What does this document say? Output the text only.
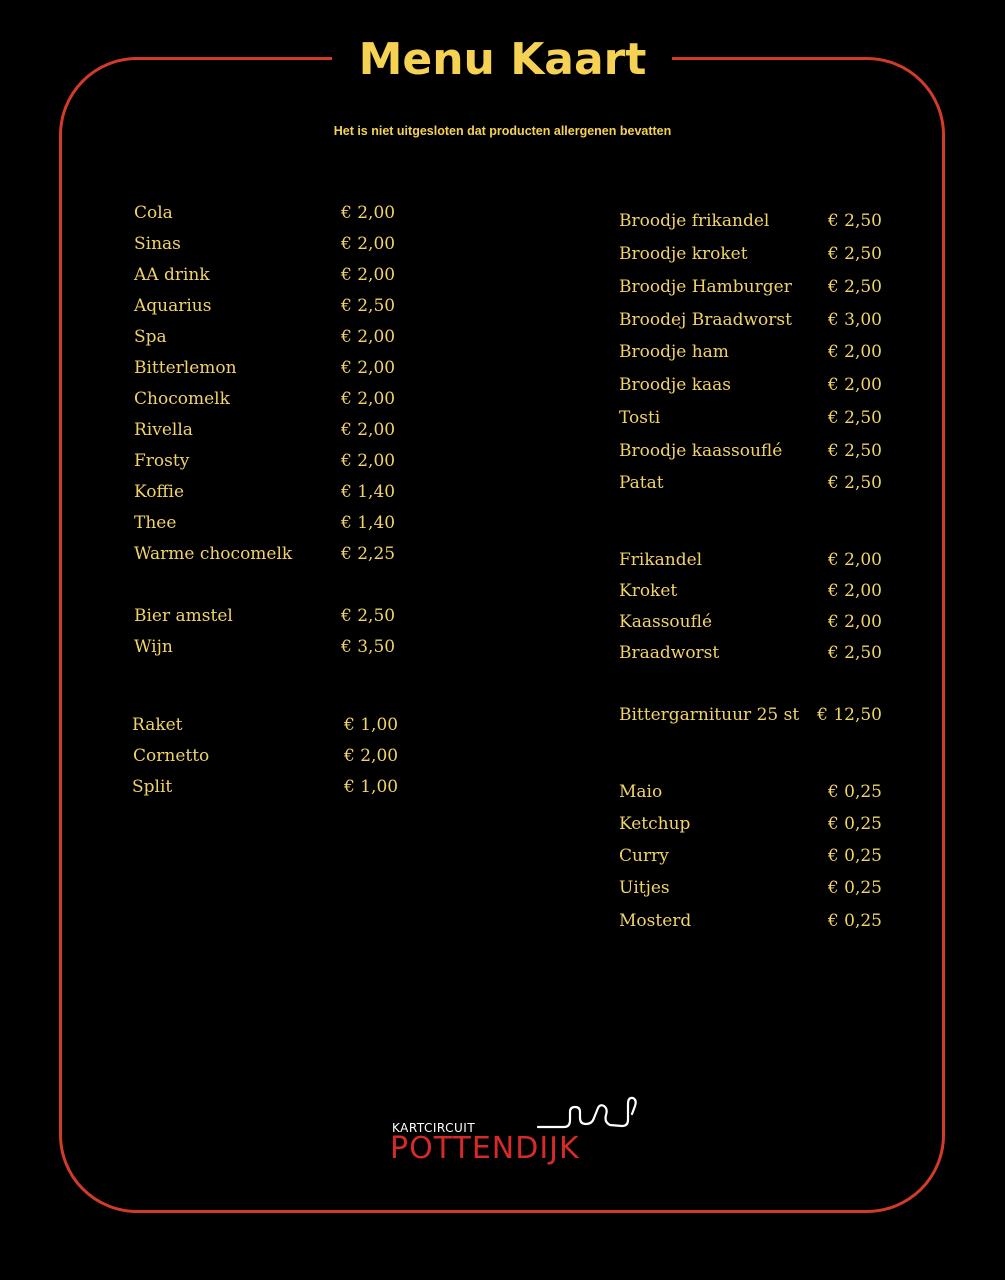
Menu Kaart
Het is niet uitgesloten dat producten allergenen bevatten
Cola	€ 2,00
Sinas	€ 2,00
AA drink	€ 2,00
Aquarius	€ 2,50
Spa	€ 2,00
Bitterlemon	€ 2,00
Chocomelk	€ 2,00
Rivella	€ 2,00
Frosty	€ 2,00
Koffie	€ 1,40
Thee	€ 1,40
Warme chocomelk	€ 2,25
Bier amstel	€ 2,50
Wijn	€ 3,50
Raket	€ 1,00
Cornetto	€ 2,00
Split	€ 1,00
Broodje frikandel	€ 2,50
Broodje kroket	€ 2,50
Broodje Hamburger € 2,50
Broodej Braadworst € 3,00
Broodje ham	€ 2,00
Broodje kaas	€ 2,00
Tosti	€ 2,50
Broodje kaassouflé	€ 2,50
Patat	€ 2,50
Frikandel	€ 2,00
Kroket	€ 2,00
Kaassouflé	€ 2,00
Braadworst	€ 2,50
Bittergarnituur 25 st € 12,50
Maio	€ 0,25
Ketchup	€ 0,25
Curry	€ 0,25
Uitjes	€ 0,25
Mosterd	€ 0,25
KARTCIRCUIT
POTTENDIJK
